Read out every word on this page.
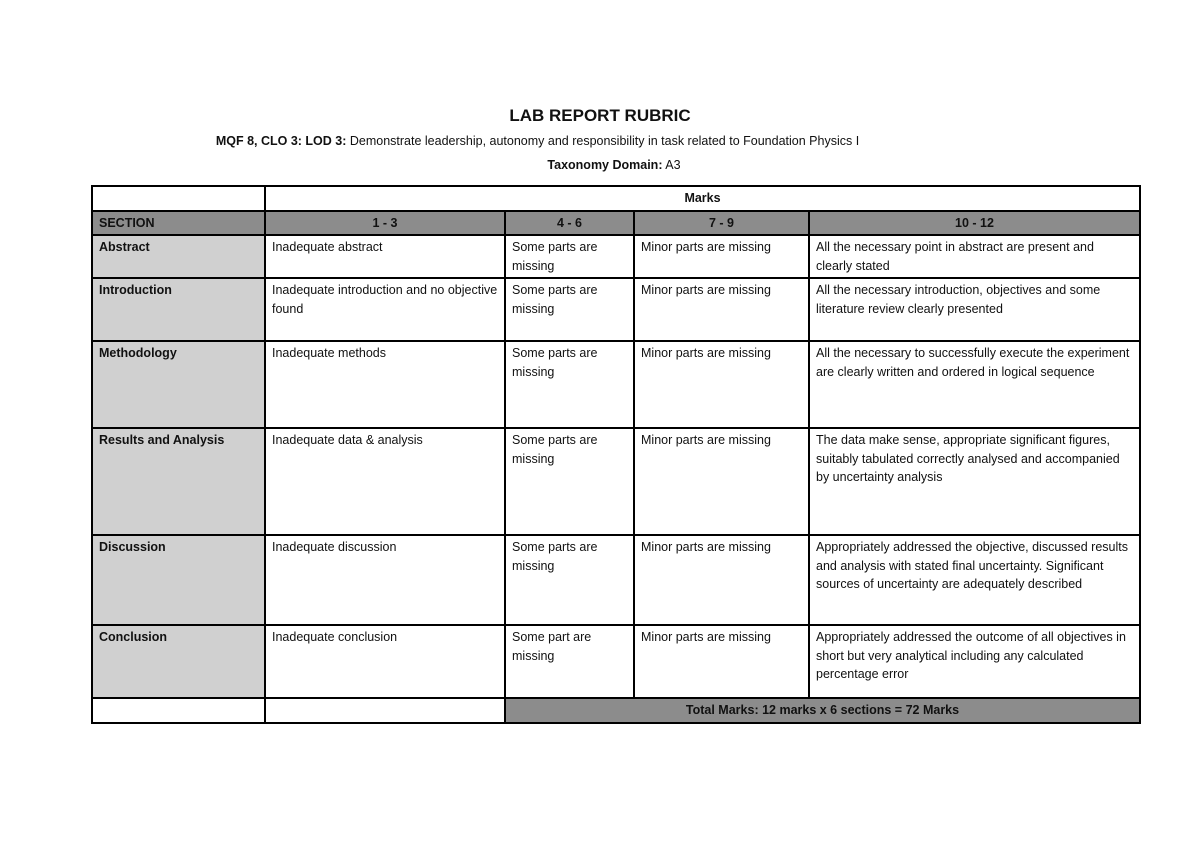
LAB REPORT RUBRIC
MQF 8, CLO 3: LOD 3: Demonstrate leadership, autonomy and responsibility in task related to Foundation Physics I
Taxonomy Domain: A3
	Marks			
SECTION	1 - 3	4 - 6	7 - 9	10 - 12
Abstract	Inadequate abstract	Some parts are missing	Minor parts are missing	All the necessary point in abstract are present and clearly stated
Introduction	Inadequate introduction and no objective found	Some parts are missing	Minor parts are missing	All the necessary introduction, objectives and some literature review clearly presented
Methodology	Inadequate methods	Some parts are missing	Minor parts are missing	All the necessary to successfully execute the experiment are clearly written and ordered in logical sequence
Results and Analysis	Inadequate data & analysis	Some parts are missing	Minor parts are missing	The data make sense, appropriate significant figures, suitably tabulated correctly analysed and accompanied by uncertainty analysis
Discussion	Inadequate discussion	Some parts are missing	Minor parts are missing	Appropriately addressed the objective, discussed results and analysis with stated final uncertainty. Significant sources of uncertainty are adequately described
Conclusion	Inadequate conclusion	Some part are missing	Minor parts are missing	Appropriately addressed the outcome of all objectives in short but very analytical including any calculated percentage error
		Total Marks: 12 marks x 6 sections = 72 Marks		
